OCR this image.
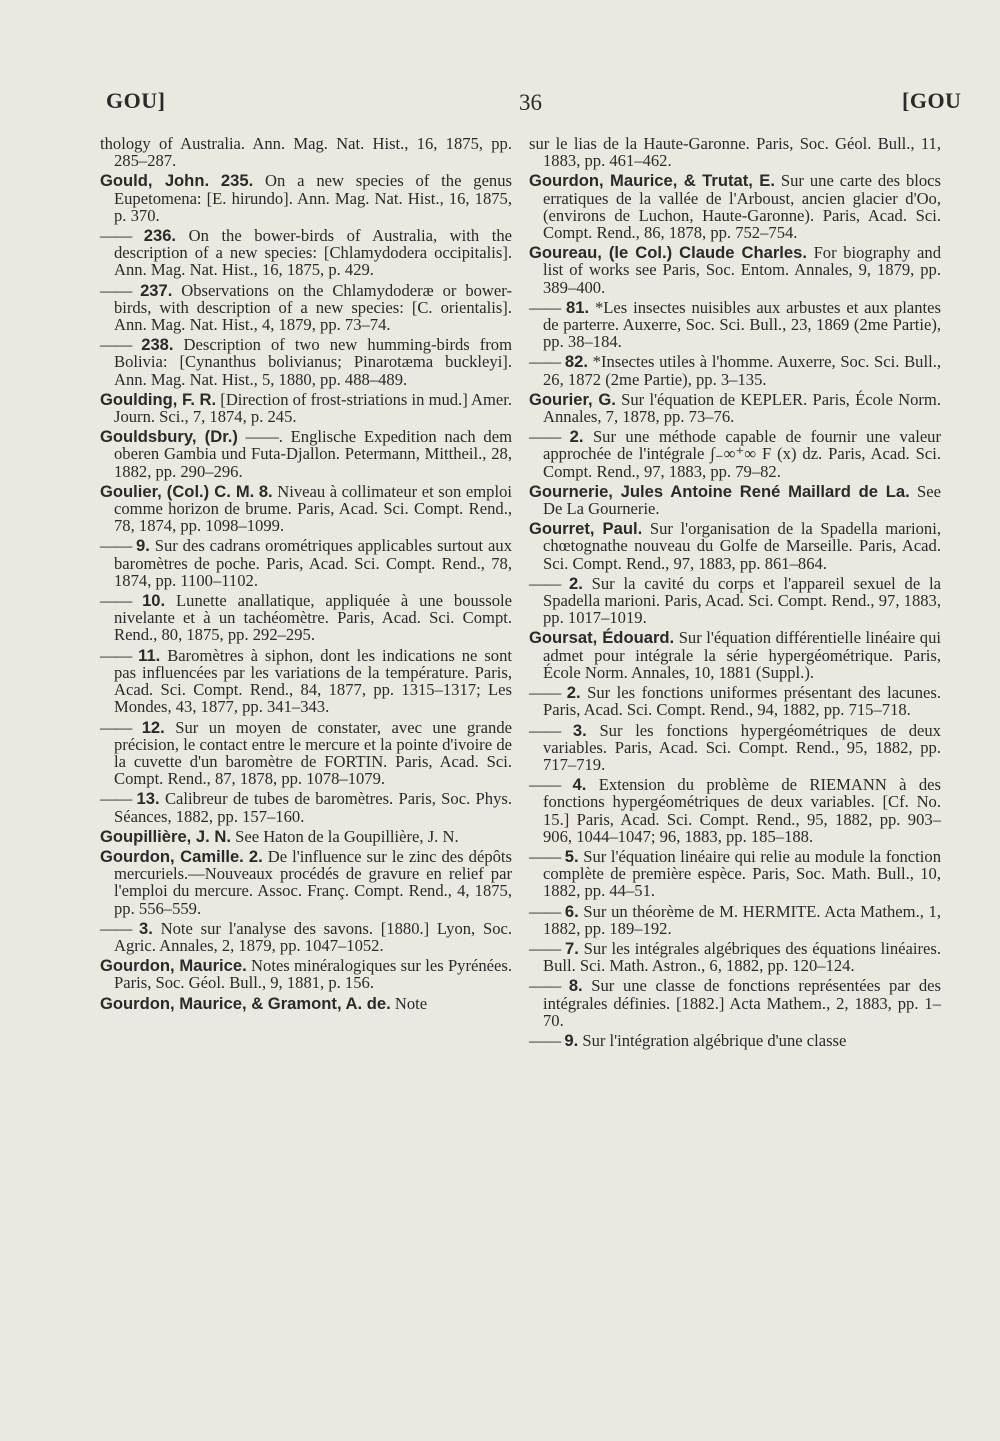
GOU]	36	[GOU

thology of Australia. Ann. Mag. Nat. Hist., 16, 1875, pp. 285–287.

Gould, John. 235. On a new species of the genus Eupetomena: [E. hirundo]. Ann. Mag. Nat. Hist., 16, 1875, p. 370.

—— 236. On the bower-birds of Australia, with the description of a new species: [Chlamydodera occipitalis]. Ann. Mag. Nat. Hist., 16, 1875, p. 429.

—— 237. Observations on the Chlamydoderæ or bower-birds, with description of a new species: [C. orientalis]. Ann. Mag. Nat. Hist., 4, 1879, pp. 73–74.

—— 238. Description of two new humming-birds from Bolivia: [Cynanthus bolivianus; Pinarotæma buckleyi]. Ann. Mag. Nat. Hist., 5, 1880, pp. 488–489.

Goulding, F. R. [Direction of frost-striations in mud.] Amer. Journ. Sci., 7, 1874, p. 245.

Gouldsbury, (Dr.) ——. Englische Expedition nach dem oberen Gambia und Futa-Djallon. Petermann, Mittheil., 28, 1882, pp. 290–296.

Goulier, (Col.) C. M. 8. Niveau à collimateur et son emploi comme horizon de brume. Paris, Acad. Sci. Compt. Rend., 78, 1874, pp. 1098–1099.

—— 9. Sur des cadrans orométriques applicables surtout aux baromètres de poche. Paris, Acad. Sci. Compt. Rend., 78, 1874, pp. 1100–1102.

—— 10. Lunette anallatique, appliquée à une boussole nivelante et à un tachéomètre. Paris, Acad. Sci. Compt. Rend., 80, 1875, pp. 292–295.

—— 11. Baromètres à siphon, dont les indications ne sont pas influencées par les variations de la température. Paris, Acad. Sci. Compt. Rend., 84, 1877, pp. 1315–1317; Les Mondes, 43, 1877, pp. 341–343.

—— 12. Sur un moyen de constater, avec une grande précision, le contact entre le mercure et la pointe d'ivoire de la cuvette d'un baromètre de FORTIN. Paris, Acad. Sci. Compt. Rend., 87, 1878, pp. 1078–1079.

—— 13. Calibreur de tubes de baromètres. Paris, Soc. Phys. Séances, 1882, pp. 157–160.

Goupillière, J. N. See Haton de la Goupillière, J. N.

Gourdon, Camille. 2. De l'influence sur le zinc des dépôts mercuriels.—Nouveaux procédés de gravure en relief par l'emploi du mercure. Assoc. Franç. Compt. Rend., 4, 1875, pp. 556–559.

—— 3. Note sur l'analyse des savons. [1880.] Lyon, Soc. Agric. Annales, 2, 1879, pp. 1047–1052.

Gourdon, Maurice. Notes minéralogiques sur les Pyrénées. Paris, Soc. Géol. Bull., 9, 1881, p. 156.

Gourdon, Maurice, & Gramont, A. de. Note

sur le lias de la Haute-Garonne. Paris, Soc. Géol. Bull., 11, 1883, pp. 461–462.

Gourdon, Maurice, & Trutat, E. Sur une carte des blocs erratiques de la vallée de l'Arboust, ancien glacier d'Oo, (environs de Luchon, Haute-Garonne). Paris, Acad. Sci. Compt. Rend., 86, 1878, pp. 752–754.

Goureau, (le Col.) Claude Charles. For biography and list of works see Paris, Soc. Entom. Annales, 9, 1879, pp. 389–400.

—— 81. *Les insectes nuisibles aux arbustes et aux plantes de parterre. Auxerre, Soc. Sci. Bull., 23, 1869 (2me Partie), pp. 38–184.

—— 82. *Insectes utiles à l'homme. Auxerre, Soc. Sci. Bull., 26, 1872 (2me Partie), pp. 3–135.

Gourier, G. Sur l'équation de KEPLER. Paris, École Norm. Annales, 7, 1878, pp. 73–76.

—— 2. Sur une méthode capable de fournir une valeur approchée de l'intégrale ∫₋∞⁺∞ F (x) dz. Paris, Acad. Sci. Compt. Rend., 97, 1883, pp. 79–82.

Gournerie, Jules Antoine René Maillard de La. See De La Gournerie.

Gourret, Paul. Sur l'organisation de la Spadella marioni, chœtognathe nouveau du Golfe de Marseille. Paris, Acad. Sci. Compt. Rend., 97, 1883, pp. 861–864.

—— 2. Sur la cavité du corps et l'appareil sexuel de la Spadella marioni. Paris, Acad. Sci. Compt. Rend., 97, 1883, pp. 1017–1019.

Goursat, Édouard. Sur l'équation différentielle linéaire qui admet pour intégrale la série hypergéométrique. Paris, École Norm. Annales, 10, 1881 (Suppl.).

—— 2. Sur les fonctions uniformes présentant des lacunes. Paris, Acad. Sci. Compt. Rend., 94, 1882, pp. 715–718.

—— 3. Sur les fonctions hypergéométriques de deux variables. Paris, Acad. Sci. Compt. Rend., 95, 1882, pp. 717–719.

—— 4. Extension du problème de RIEMANN à des fonctions hypergéométriques de deux variables. [Cf. No. 15.] Paris, Acad. Sci. Compt. Rend., 95, 1882, pp. 903–906, 1044–1047; 96, 1883, pp. 185–188.

—— 5. Sur l'équation linéaire qui relie au module la fonction complète de première espèce. Paris, Soc. Math. Bull., 10, 1882, pp. 44–51.

—— 6. Sur un théorème de M. HERMITE. Acta Mathem., 1, 1882, pp. 189–192.

—— 7. Sur les intégrales algébriques des équations linéaires. Bull. Sci. Math. Astron., 6, 1882, pp. 120–124.

—— 8. Sur une classe de fonctions représentées par des intégrales définies. [1882.] Acta Mathem., 2, 1883, pp. 1–70.

—— 9. Sur l'intégration algébrique d'une classe
